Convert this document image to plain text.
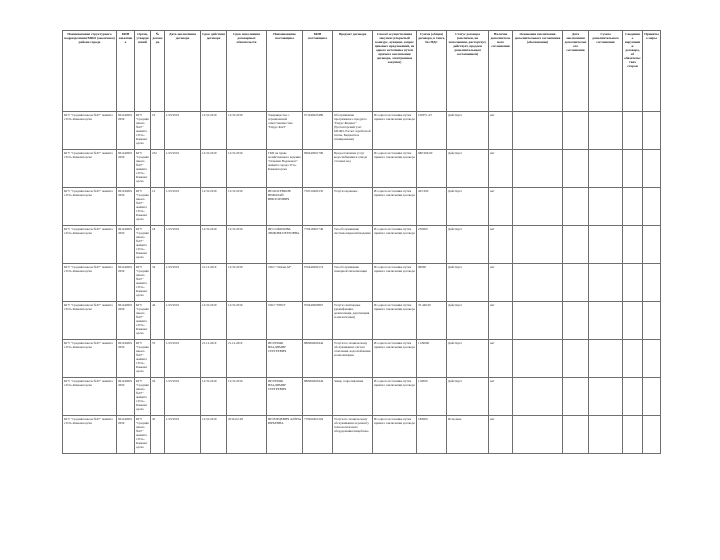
Наименование структурного подразделения/МИО (заказчика) района города	БИН заказчика	Орган, утвердивший	№ договора	Дата заключения договора	Срок действия договора	Срок исполнения договорных обязательств	Наименование поставщика	БИН поставщика	Предмет договора	Способ осуществления закупки (открытый конкурс, аукцион, запрос ценовых предложений, из одного источника путем прямого заключения договора, электронные закупки)	Сумма (общая) договора, в тенге, без НДС	Статус договора (заключен, на исполнении, расторгнут, действует, продлен дополнительным соглашением)	Наличие дополнительного соглашения	Основание заключения дополнительного соглашения (обоснование)	Дата заключения дополнительного соглашения	Сумма дополнительного соглашения	Сведения о нарушении договора, об обязательствах сторон	Принятые меры
КГУ "Средняя школа №67" акимата г.Усть-Каменогорска	961240001 2659	КГУ "Средняя школа №67" акимата г.Усть-Каменогорска	19	1/25/2019	12/31/2019	12/31/2019	Товарищество с ограниченной ответственностью "Парус-КАЗ"	071040023489	Обслуживание программного продукта "Парус-Бюджет" (бухгалтерский учет МСФО, Расчет заработной платы, Бюджетное планирование)	Из одного источника путем прямого заключения договора	100071.43	Действует	нет					
КГУ "Средняя школа №67" акимата г.Усть-Каменогорска	961240001 2659	КГУ "Средняя школа №67" акимата г.Усть-Каменогорска	232	1/25/2019	12/31/2019	12/31/2019	ГКП на праве хозяйственного ведения "Оскемен Водоканал" акимата города Усть-Каменогорска	990440001709	Предоставление услуг водоснабжения и отвода сточных вод	Из одного источника путем прямого заключения договора	680 000.00	Действует	нет					
КГУ "Средняя школа №67" акимата г.Усть-Каменогорска	961240001 2659	КГУ "Средняя школа №67" акимата г.Усть-Каменогорска	12	1/25/2019	12/31/2019	12/31/2019	ИП КОСЕНКОВ НИКОЛАЙ ВИКТОРОВИЧ	750510400135	Услуги охранные	Из одного источника путем прямого заключения договора	425 000	Действует	нет					
КГУ "Средняя школа №67" акимата г.Усть-Каменогорска	961240001 2659	КГУ "Средняя школа №67" акимата г.Усть-Каменогорска	18	1/25/2019	12/31/2019	12/31/2019	ИП СОКОЛОВА ЛЮБОВЬ ПЕТРОВНА	770418401749	Тех.обслуживание системы видеонаблюдения	Из одного источника путем прямого заключения договора	230000	Действует	нет					
КГУ "Средняя школа №67" акимата г.Усть-Каменогорска	961240001 2659	КГУ "Средняя школа №67" акимата г.Усть-Каменогорска	34	1/25/2019	21.12.2019	12/31/2019	ТОО "Элмаш-М"	970440000174	Тех.обслуживание пожарной сигнализации	Из одного источника путем прямого заключения договора	99000	Действует	нет					
КГУ "Средняя школа №67" акимата г.Усть-Каменогорска	961240001 2659	КГУ "Средняя школа №67" акимата г.Усть-Каменогорска	44	1/25/2019	12/31/2019	12/31/2019	ТОО "ГЕРО"	970440000867	Услуги санитарные (дезинфекция, дезинсекция, дератизация и аналогичные)	Из одного источника путем прямого заключения договора	35 440.00	Действует	нет					
КГУ "Средняя школа №67" акимата г.Усть-Каменогорска	961240001 2659	КГУ "Средняя школа №67" акимата г.Усть-Каменогорска	55	1/25/2019	21.12.2019	21.12.2019	ИП РЕБЯК ВЛАДИМИР СЕРГЕЕВИЧ	880906000444	Услуги по техническому обслуживанию систем отопления, водоснабжения и канализации	Из одного источника путем прямого заключения договора	1129000	Действует	нет					
КГУ "Средняя школа №67" акимата г.Усть-Каменогорска	961240001 2659	КГУ "Средняя школа №67" акимата г.Усть-Каменогорска	56	1/25/2019	12/31/2019	12/31/2019	ИП РЕБЯК ВЛАДИМИР СЕРГЕЕВИЧ	880906000444	Замер сопротивления	Из одного источника путем прямого заключения договора	110000	Действует	нет					
КГУ "Средняя школа №67" акимата г.Усть-Каменогорска	961240001 2659	КГУ "Средняя школа №67" акимата г.Усть-Каменогорска	45	1/25/2019	12/31/2019	2019-02-28	ИП ЮРЦЕВИЧ АЛЁНА ЮРЬЕВНА	770920401204	Услуги по техническому обслуживанию и ремонту технологического оборудования пищеблока	Из одного источника путем прямого заключения договора	186000	Исполнен	нет					
